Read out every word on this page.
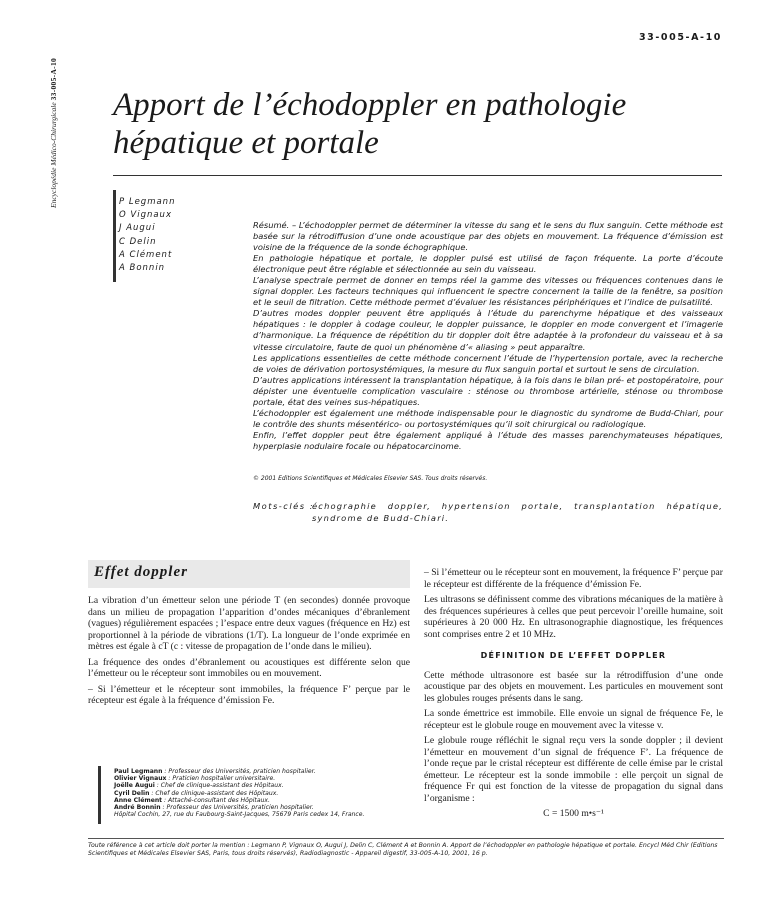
Encyclopédie Médico-Chirurgicale 33-005-A-10
33-005-A-10
Apport de l’échodoppler en pathologie
hépatique et portale
P Legmann
O Vignaux
J Augui
C Delin
A Clément
A Bonnin

Résumé. – L’échodoppler permet de déterminer la vitesse du sang et le sens du flux sanguin. Cette méthode est basée sur la rétrodiffusion d’une onde acoustique par des objets en mouvement. La fréquence d’émission est voisine de la fréquence de la sonde échographique.

En pathologie hépatique et portale, le doppler pulsé est utilisé de façon fréquente. La porte d’écoute électronique peut être réglable et sélectionnée au sein du vaisseau.

L’analyse spectrale permet de donner en temps réel la gamme des vitesses ou fréquences contenues dans le signal doppler. Les facteurs techniques qui influencent le spectre concernent la taille de la fenêtre, sa position et le seuil de filtration. Cette méthode permet d’évaluer les résistances périphériques et l’indice de pulsatilité.

D’autres modes doppler peuvent être appliqués à l’étude du parenchyme hépatique et des vaisseaux hépatiques : le doppler à codage couleur, le doppler puissance, le doppler en mode convergent et l’imagerie d’harmonique. La fréquence de répétition du tir doppler doit être adaptée à la profondeur du vaisseau et à sa vitesse circulatoire, faute de quoi un phénomène d’« aliasing » peut apparaître.

Les applications essentielles de cette méthode concernent l’étude de l’hypertension portale, avec la recherche de voies de dérivation portosystémiques, la mesure du flux sanguin portal et surtout le sens de circulation.

D’autres applications intéressent la transplantation hépatique, à la fois dans le bilan pré- et postopératoire, pour dépister une éventuelle complication vasculaire : sténose ou thrombose artérielle, sténose ou thrombose portale, état des veines sus-hépatiques.

L’échodoppler est également une méthode indispensable pour le diagnostic du syndrome de Budd-Chiari, pour le contrôle des shunts mésentérico- ou portosystémiques qu’il soit chirurgical ou radiologique.

Enfin, l’effet doppler peut être également appliqué à l’étude des masses parenchymateuses hépatiques, hyperplasie nodulaire focale ou hépatocarcinome.

© 2001 Editions Scientifiques et Médicales Elsevier SAS. Tous droits réservés.
Mots-clés :
échographie doppler, hypertension portale, transplantation hépatique, syndrome de Budd-Chiari.
Effet doppler

La vibration d’un émetteur selon une période T (en secondes) donnée provoque dans un milieu de propagation l’apparition d’ondes mécaniques d’ébranlement (vagues) régulièrement espacées ; l’espace entre deux vagues (fréquence en Hz) est proportionnel à la période de vibrations (1/T). La longueur de l’onde exprimée en mètres est égale à cT (c : vitesse de propagation de l’onde dans le milieu).

La fréquence des ondes d’ébranlement ou acoustiques est différente selon que l’émetteur ou le récepteur sont immobiles ou en mouvement.

– Si l’émetteur et le récepteur sont immobiles, la fréquence F’ perçue par le récepteur est égale à la fréquence d’émission Fe.

– Si l’émetteur ou le récepteur sont en mouvement, la fréquence F’ perçue par le récepteur est différente de la fréquence d’émission Fe.

Les ultrasons se définissent comme des vibrations mécaniques de la matière à des fréquences supérieures à celles que peut percevoir l’oreille humaine, soit supérieures à 20 000 Hz. En ultrasonographie diagnostique, les fréquences sont comprises entre 2 et 10 MHz.

DÉFINITION DE L’EFFET DOPPLER

Cette méthode ultrasonore est basée sur la rétrodiffusion d’une onde acoustique par des objets en mouvement. Les particules en mouvement sont les globules rouges présents dans le sang.

La sonde émettrice est immobile. Elle envoie un signal de fréquence Fe, le récepteur est le globule rouge en mouvement avec la vitesse v.

Le globule rouge réfléchit le signal reçu vers la sonde doppler ; il devient l’émetteur en mouvement d’un signal de fréquence F’. La fréquence de l’onde reçue par le cristal récepteur est différente de celle émise par le cristal émetteur. Le récepteur est la sonde immobile : elle perçoit un signal de fréquence Fr qui est fonction de la vitesse de propagation du signal dans l’organisme :

C = 1500 m•s⁻¹

Paul Legmann : Professeur des Universités, praticien hospitalier.
Olivier Vignaux : Praticien hospitalier universitaire.
Joëlle Augui : Chef de clinique-assistant des Hôpitaux.
Cyril Delin : Chef de clinique-assistant des Hôpitaux.
Anne Clément : Attaché-consultant des Hôpitaux.
André Bonnin : Professeur des Universités, praticien hospitalier.
Hôpital Cochin, 27, rue du Faubourg-Saint-Jacques, 75679 Paris cedex 14, France.
Toute référence à cet article doit porter la mention : Legmann P, Vignaux O, Augui J, Delin C, Clément A et Bonnin A. Apport de l’échodoppler en pathologie hépatique et portale. Encycl Méd Chir (Editions Scientifiques et Médicales Elsevier SAS, Paris, tous droits réservés), Radiodiagnostic - Appareil digestif, 33-005-A-10, 2001, 16 p.
